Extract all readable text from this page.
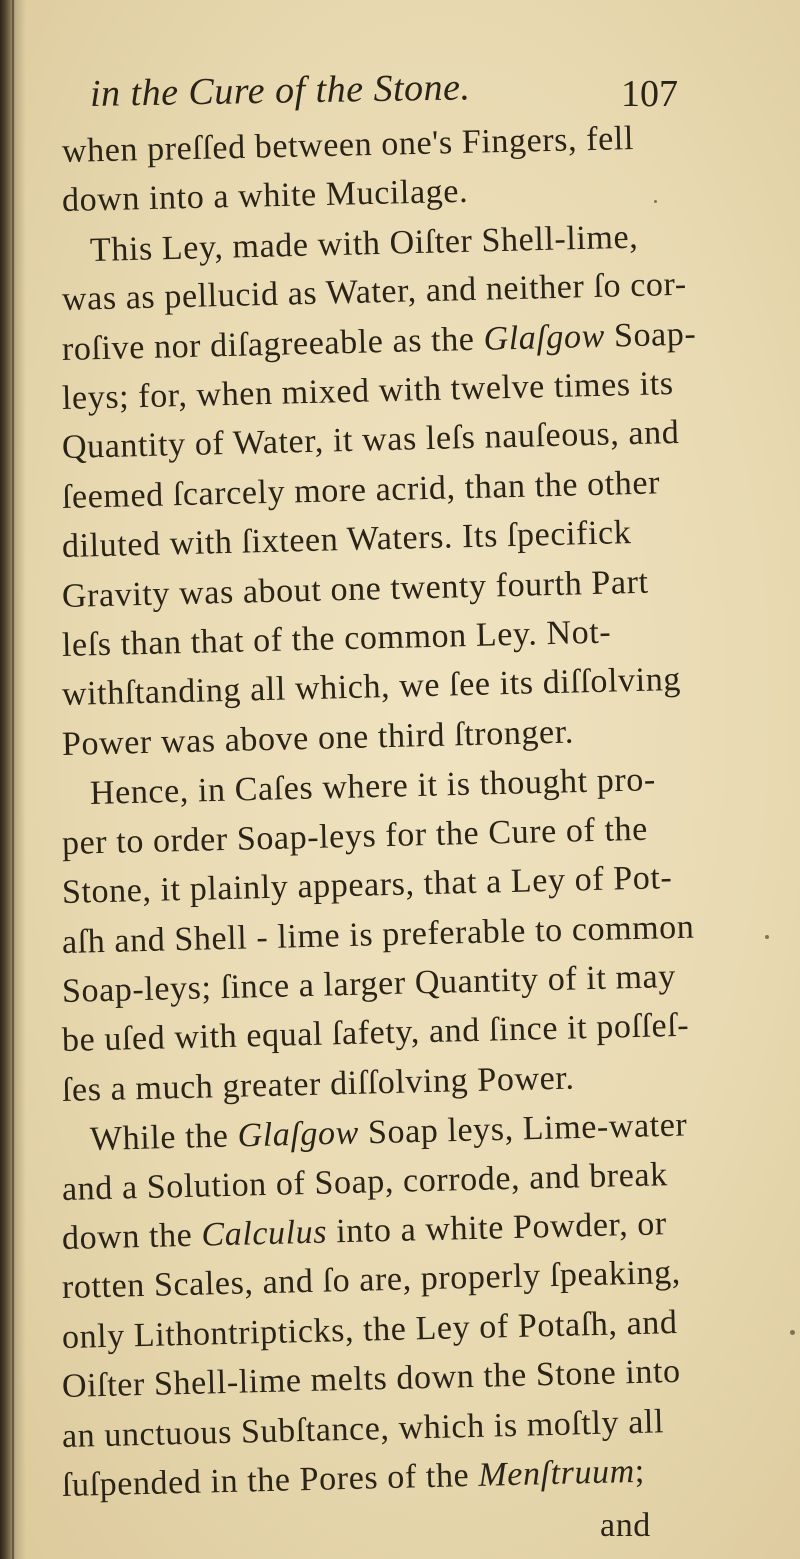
in the Cure of the Stone.	107
when preſſed between one's Fingers, fell
down into a white Mucilage.
This Ley, made with Oiſter Shell-lime,
was as pellucid as Water, and neither ſo cor-
roſive nor diſagreeable as the Glaſgow Soap-
leys; for, when mixed with twelve times its
Quantity of Water, it was leſs nauſeous, and
ſeemed ſcarcely more acrid, than the other
diluted with ſixteen Waters. Its ſpecifick
Gravity was about one twenty fourth Part
leſs than that of the common Ley. Not-
withſtanding all which, we ſee its diſſolving
Power was above one third ſtronger.
Hence, in Caſes where it is thought pro-
per to order Soap-leys for the Cure of the
Stone, it plainly appears, that a Ley of Pot-
aſh and Shell - lime is preferable to common
Soap-leys; ſince a larger Quantity of it may
be uſed with equal ſafety, and ſince it poſſeſ-
ſes a much greater diſſolving Power.
While the Glaſgow Soap leys, Lime-water
and a Solution of Soap, corrode, and break
down the Calculus into a white Powder, or
rotten Scales, and ſo are, properly ſpeaking,
only Lithontripticks, the Ley of Potaſh, and
Oiſter Shell-lime melts down the Stone into
an unctuous Subſtance, which is moſtly all
ſuſpended in the Pores of the Menſtruum;
and
